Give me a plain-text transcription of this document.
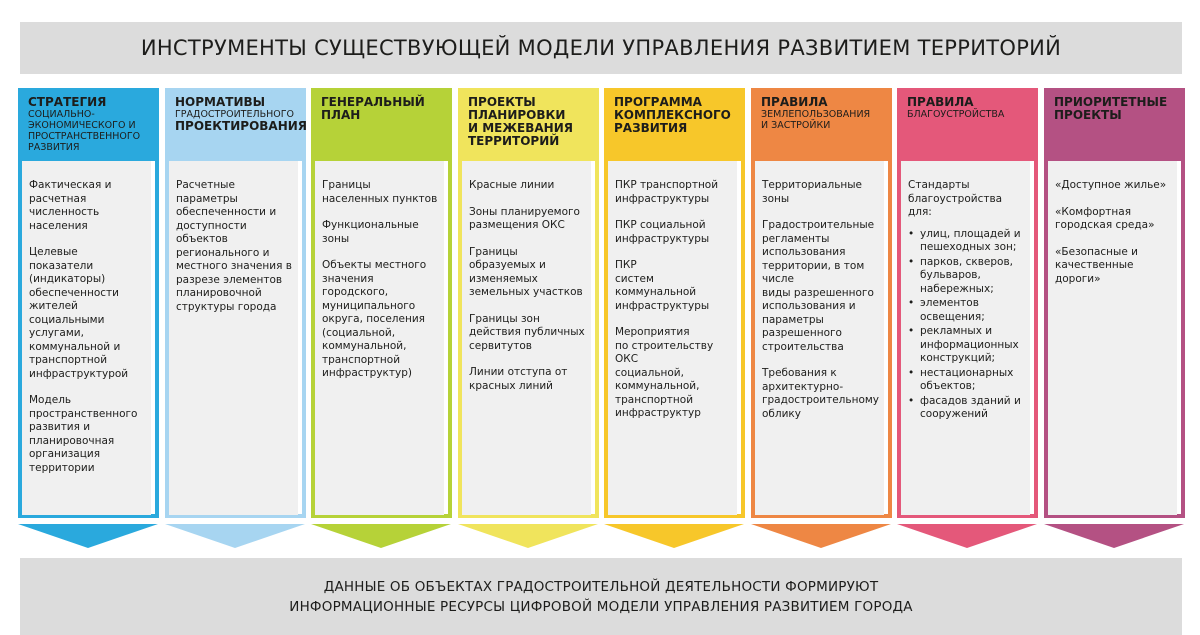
ИНСТРУМЕНТЫ СУЩЕСТВУЮЩЕЙ МОДЕЛИ УПРАВЛЕНИЯ РАЗВИТИЕМ ТЕРРИТОРИЙ
СТРАТЕГИЯ
СОЦИАЛЬНО-
ЭКОНОМИЧЕСКОГО И
ПРОСТРАНСТВЕННОГО
РАЗВИТИЯ

Фактическая и расчетная численность населения

Целевые показатели (индикаторы) обеспеченности жителей социальными услугами, коммунальной и транспортной инфраструктурой

Модель пространственного развития и планировочная организация территории

НОРМАТИВЫ
ГРАДОСТРОИТЕЛЬНОГО
ПРОЕКТИРОВАНИЯ

Расчетные параметры обеспеченности и доступности объектов регионального и местного значения в разрезе элементов планировочной структуры города

ГЕНЕРАЛЬНЫЙ
ПЛАН

Границы населенных пунктов

Функциональные зоны

Объекты местного значения городского, муниципального округа, поселения (социальной, коммунальной, транспортной инфраструктур)

ПРОЕКТЫ
ПЛАНИРОВКИ
И МЕЖЕВАНИЯ
ТЕРРИТОРИЙ

Красные линии

Зоны планируемого размещения ОКС

Границы образуемых и изменяемых земельных участков

Границы зон действия публичных сервитутов

Линии отступа от красных линий

ПРОГРАММА
КОМПЛЕКСНОГО
РАЗВИТИЯ

ПКР транспортной инфраструктуры

ПКР социальной инфраструктуры

ПКР
систем
коммунальной инфраструктуры

Мероприятия
по строительству ОКС
социальной, коммунальной, транспортной инфраструктур

ПРАВИЛА
ЗЕМЛЕПОЛЬЗОВАНИЯ
И ЗАСТРОЙКИ

Территориальные зоны

Градостроительные регламенты использования территории, в том числе
виды разрешенного использования и параметры разрешенного строительства

Требования к архитектурно-градостроительному облику

ПРАВИЛА
БЛАГОУСТРОЙСТВА

Стандарты благоустройства для:

• улиц, площадей и пешеходных зон;
• парков, скверов, бульваров, набережных;
• элементов освещения;
• рекламных и информационных конструкций;
• нестационарных объектов;
• фасадов зданий и сооружений
ПРИОРИТЕТНЫЕ
ПРОЕКТЫ

«Доступное жилье»

«Комфортная городская среда»

«Безопасные и качественные дороги»

ДАННЫЕ ОБ ОБЪЕКТАХ ГРАДОСТРОИТЕЛЬНОЙ ДЕЯТЕЛЬНОСТИ ФОРМИРУЮТ
ИНФОРМАЦИОННЫЕ РЕСУРСЫ ЦИФРОВОЙ МОДЕЛИ УПРАВЛЕНИЯ РАЗВИТИЕМ ГОРОДА
